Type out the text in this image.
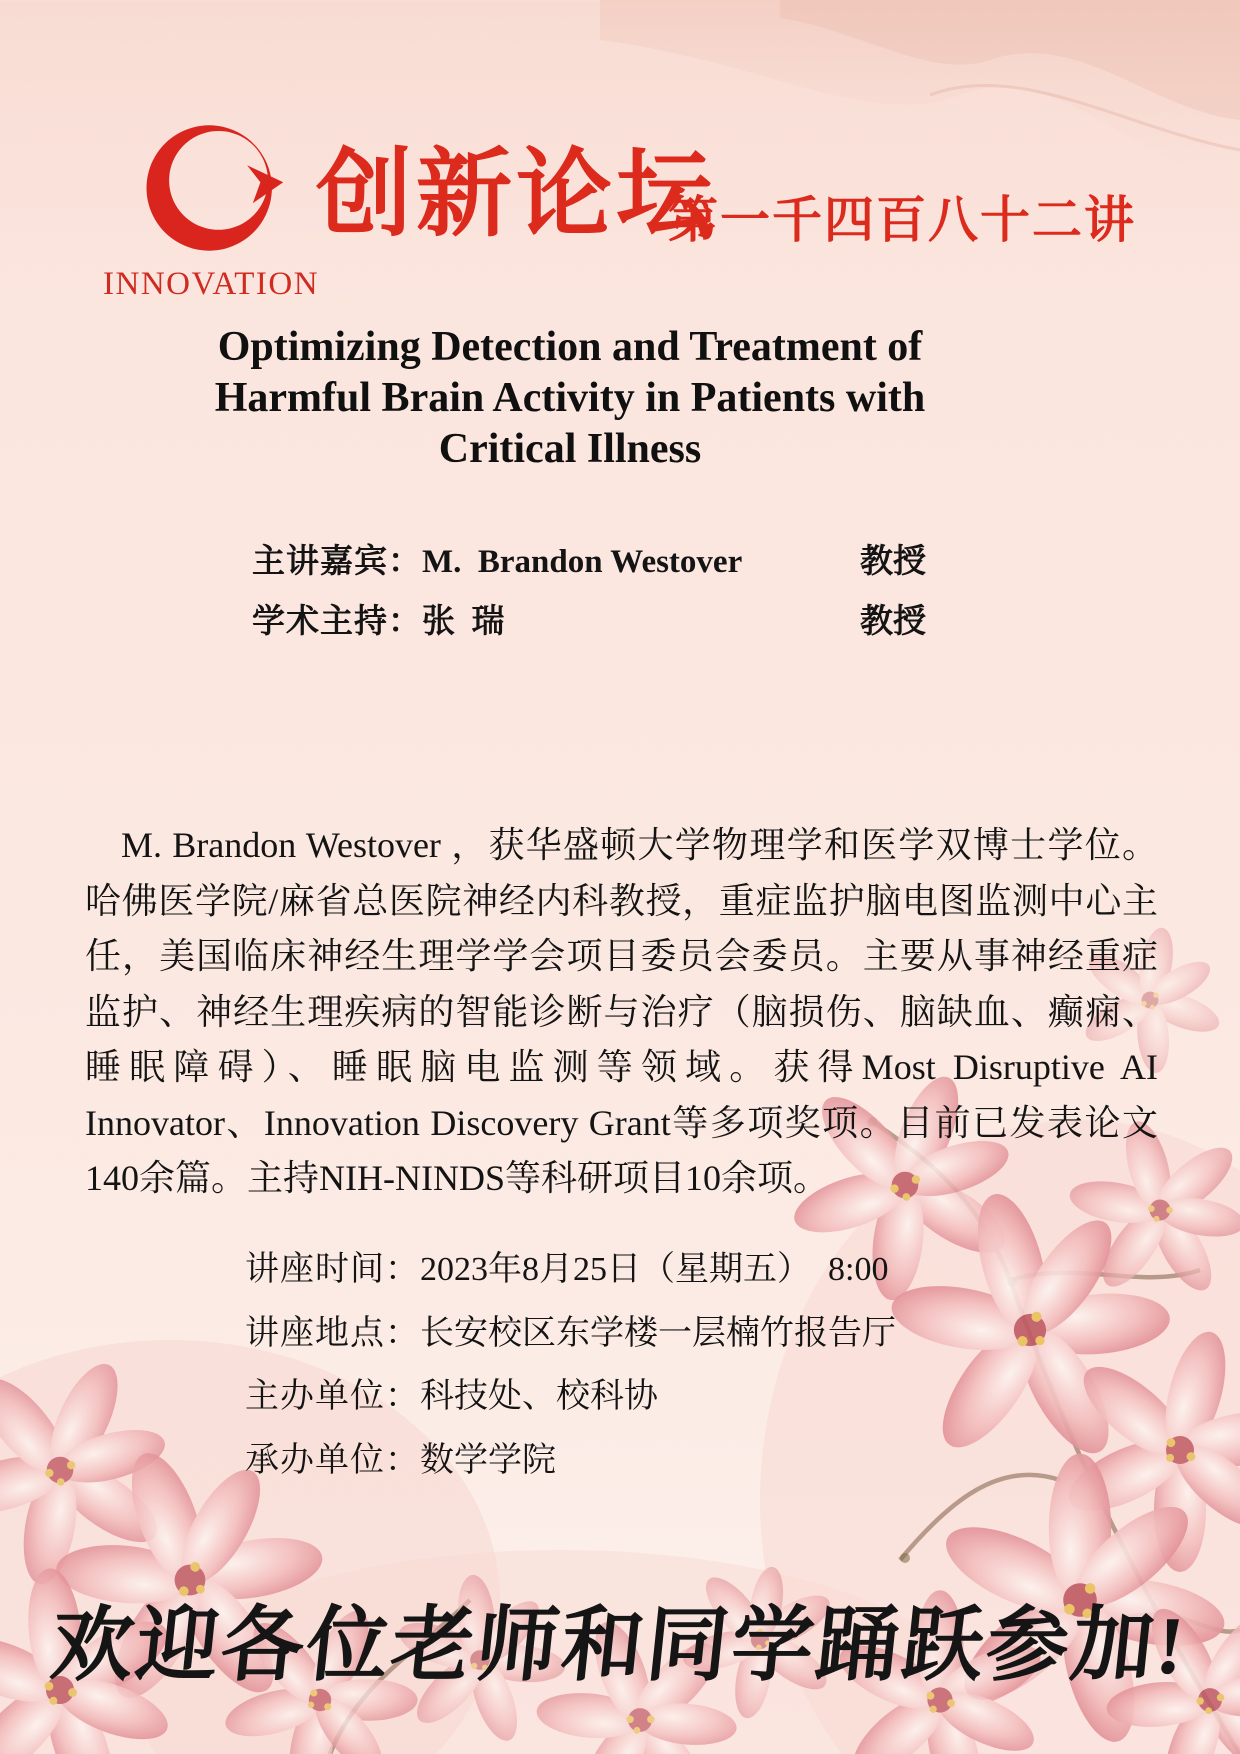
INNOVATION
创新论坛
第一千四百八十二讲
Optimizing Detection and Treatment of
Harmful Brain Activity in Patients with
Critical Illness
主讲嘉宾： M.  Brandon Westover	教授
学术主持： 张  瑞	教授
M. Brandon Westover ，获华盛顿大学物理学和医学双博士学位。哈佛医学院/麻省总医院神经内科教授，重症监护脑电图监测中心主任，美国临床神经生理学学会项目委员会委员。主要从事神经重症监护、神经生理疾病的智能诊断与治疗（脑损伤、脑缺血、癫痫、睡眠障碍）、睡眠脑电监测等领域。获得Most Disruptive AI Innovator、Innovation Discovery Grant等多项奖项。目前已发表论文140余篇。主持NIH-NINDS等科研项目10余项。
讲座时间： 2023年8月25日（星期五）  8:00
讲座地点： 长安校区东学楼一层楠竹报告厅
主办单位： 科技处、校科协
承办单位： 数学学院
欢迎各位老师和同学踊跃参加!
